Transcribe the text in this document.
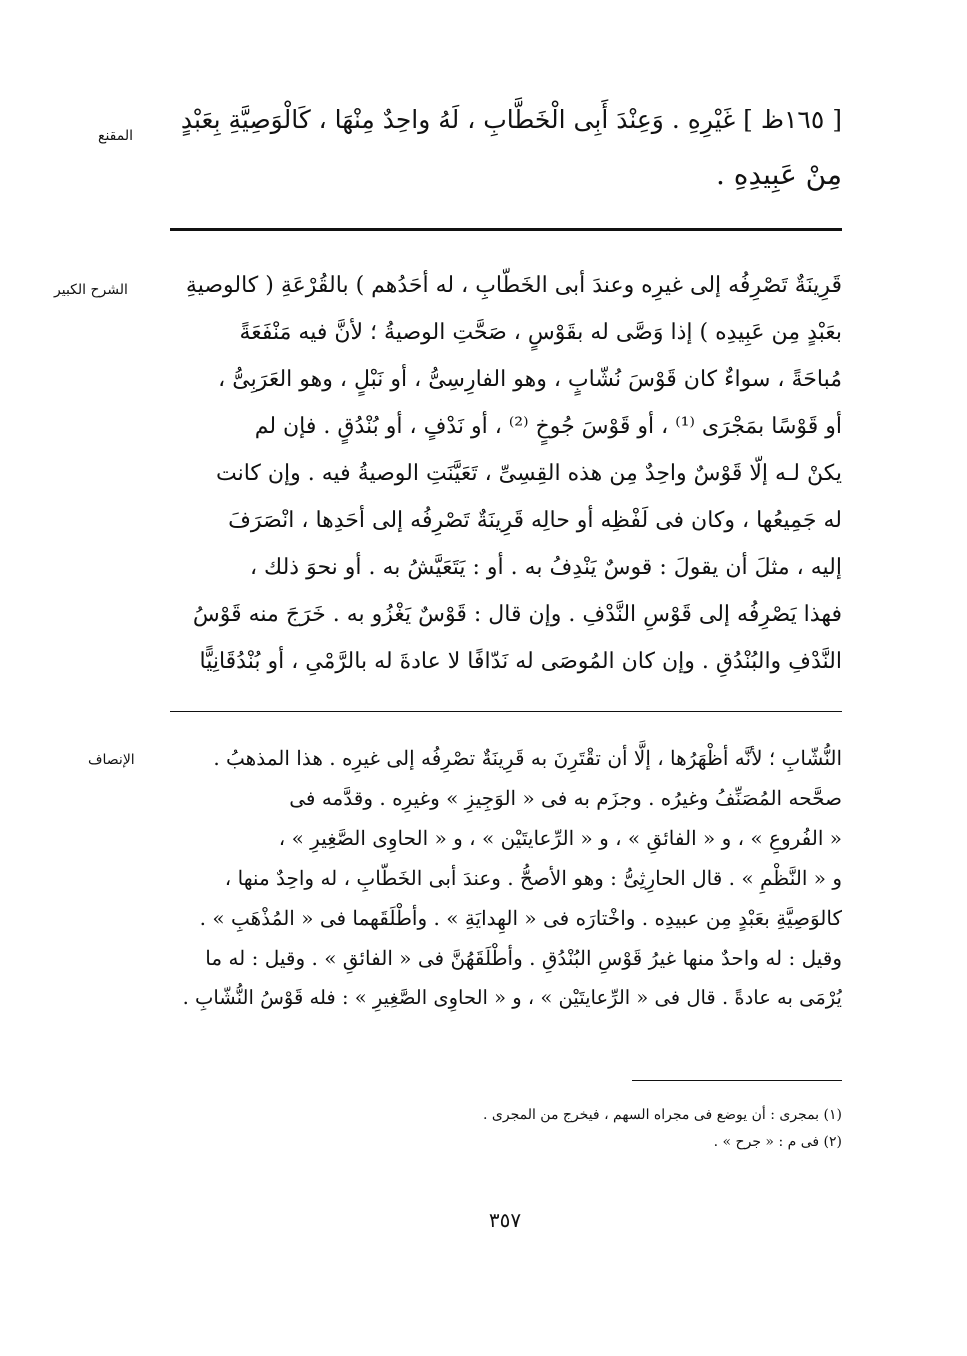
المقنع
الشرح الكبير
الإنصاف
[ ١٦٥ظ ] غَيْرِهِ . وَعِنْدَ أَبِى الْخَطَّابِ ، لَهُ واحِدٌ مِنْهَا ، كَالْوَصِيَّةِ بِعَبْدٍ
مِنْ عَبِيدِهِ .
قَرِينَةٌ تَصْرِفُه إلى غيرِه وعندَ أبى الخَطّابِ ، له أحَدُهم ) بالقُرْعَةِ ( كالوصيةِ
بعَبْدٍ مِن عَبِيدِه ) إذا وَصَّى له بقَوْسٍ ، صَحَّتِ الوصيةُ ؛ لأنَّ فيه مَنْفَعَةً
مُباحَةً ، سواءٌ كان قَوْسَ نُشّابٍ ، وهو الفارِسِىُّ ، أو نَبْلٍ ، وهو العَرَبِىُّ ،
أو قَوْسًا بمَجْرَى ⁽¹⁾ ، أو قَوْسَ جُوخٍ ⁽²⁾ ، أو نَدْفٍ ، أو بُنْدُقٍ . فإن لم
يكنْ لـه إلّا قَوْسٌ واحِدٌ مِن هذه القِسِىِّ ، تَعَيَّنَتِ الوصيةُ فيه . وإن كانت
له جَمِيعُها ، وكان فى لَفْظِه أو حالِه قَرِينَةٌ تَصْرِفُه إلى أحَدِها ، انْصَرَفَ
إليه ، مثلَ أن يقولَ : قوسٌ يَنْدِفُ به . أو : يَتَعَيَّشُ به . أو نحوَ ذلك ،
فهذا يَصْرِفُه إلى قَوْسِ النَّدْفِ . وإن قال : قَوْسٌ يَغْزُو به . خَرَجَ منه قَوْسُ
النَّدْفِ والبُنْدُقِ . وإن كان المُوصَى له نَدّافًا لا عادةَ له بالرَّمْىِ ، أو بُنْدُقَانِيًّا
النُّشّابِ ؛ لأنَّه أظْهَرُها ، إلَّا أن تقْتَرِنَ به قَرِينَةٌ تصْرِفُه إلى غيرِه . هذا المذهبُ .
صحَّحه المُصَنِّفُ وغيرُه . وجزَم به فى « الوَجِيزِ » وغيرِه . وقدَّمه فى
« الفُروعِ » ، و « الفائقِ » ، و « الرِّعايتَيْن » ، و « الحاوِى الصَّغِيرِ » ،
و « النَّظْمِ » . قال الحارِثِىُّ : وهو الأصحُّ . وعندَ أبى الخَطّابِ ، له واحِدٌ منها ،
كالوَصِيَّةِ بعَبْدٍ مِن عبيدِه . واخْتارَه فى « الهِدايَةِ » . وأطْلَقَهما فى « المُذْهَبِ » .
وقيل : له واحدٌ منها غيرُ قَوْسِ البُنْدُقِ . وأطْلَقَهُنَّ فى « الفائقِ » . وقيل : له ما
يُرْمَى به عادةً . قال فى « الرِّعايتَيْن » ، و « الحاوِى الصَّغِيرِ » : فله قَوْسُ النُّشّابِ .
(١) بمجرى : أن يوضع فى مجراه السهم ، فيخرج من المجرى .
(٢) فى م : « جرح » .
٣٥٧
